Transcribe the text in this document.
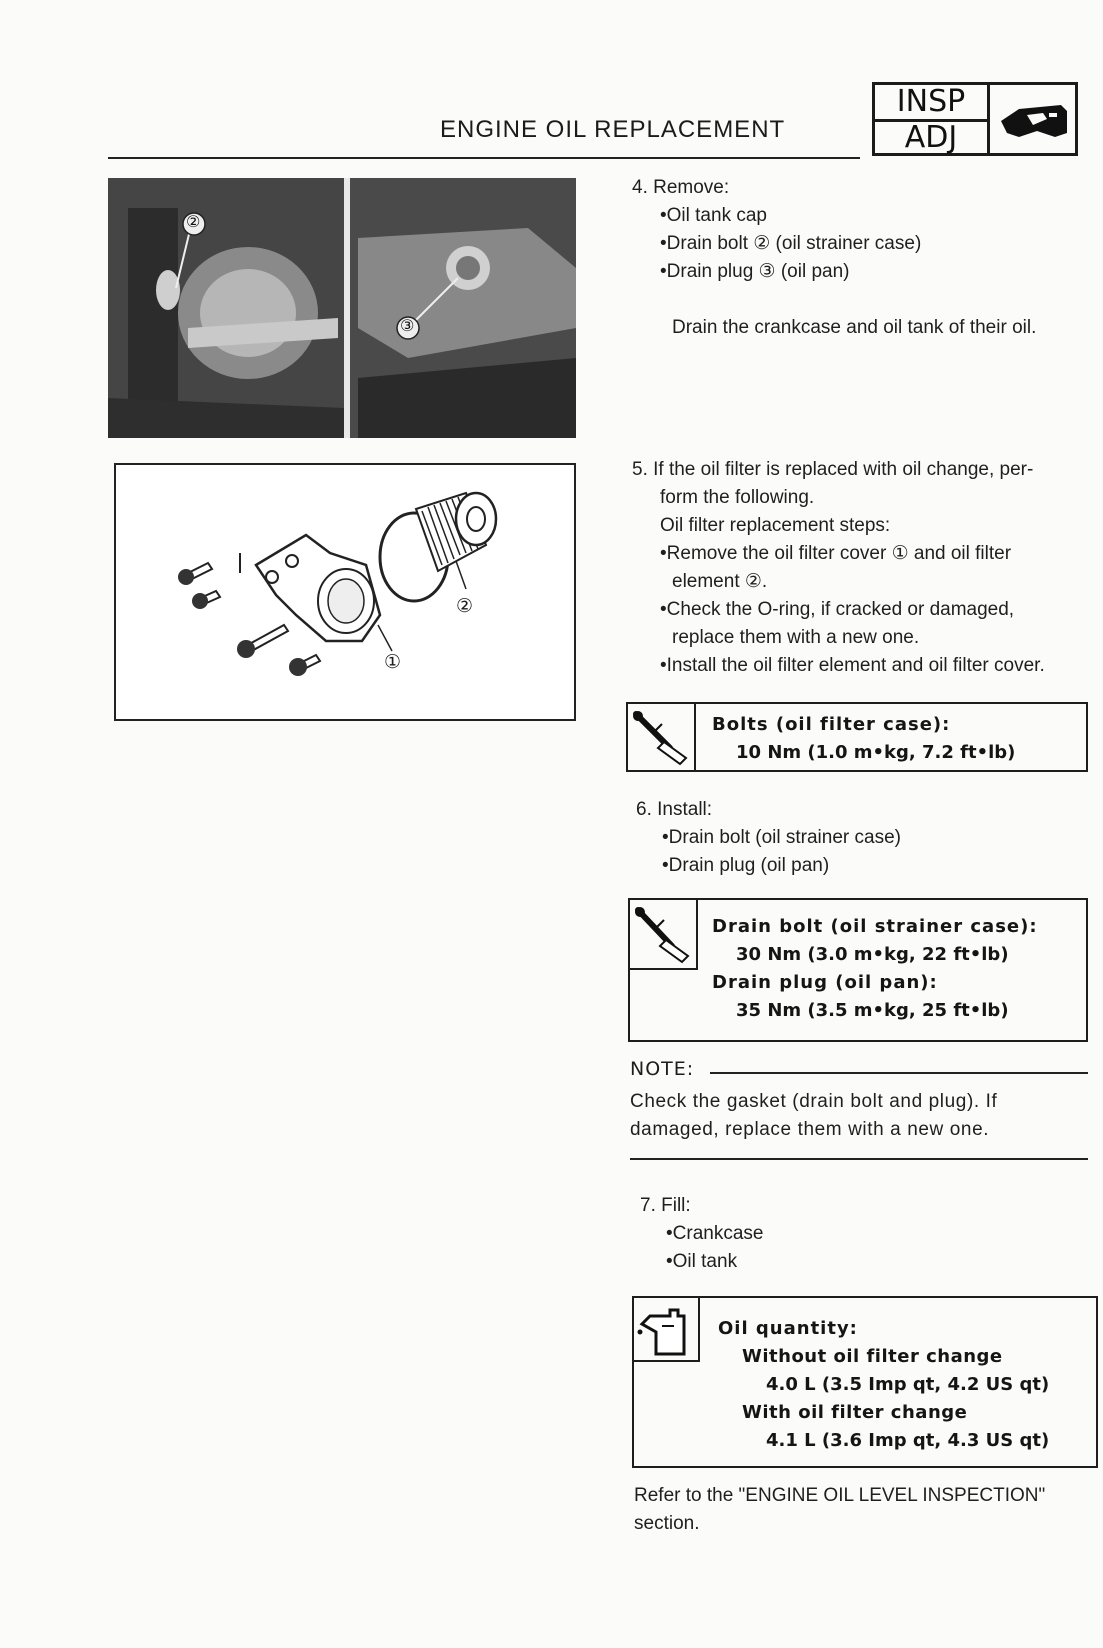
ENGINE OIL REPLACEMENT
INSP
ADJ
②
③
①
②
4. Remove:
•Oil tank cap
•Drain bolt ② (oil strainer case)
•Drain plug ③ (oil pan)
Drain the crankcase and oil tank of their oil.
5. If the oil filter is replaced with oil change, per-
form the following.
Oil filter replacement steps:
•Remove the oil filter cover ① and oil filter
element ②.
•Check the O-ring, if cracked or damaged,
replace them with a new one.
•Install the oil filter element and oil filter cover.
Bolts (oil filter case):
10 Nm (1.0 m•kg, 7.2 ft•lb)
6. Install:
•Drain bolt (oil strainer case)
•Drain plug (oil pan)
Drain bolt (oil strainer case):
30 Nm (3.0 m•kg, 22 ft•lb)
Drain plug (oil pan):
35 Nm (3.5 m•kg, 25 ft•lb)
NOTE:
Check the gasket (drain bolt and plug). If
damaged, replace them with a new one.
7. Fill:
•Crankcase
•Oil tank
Oil quantity:
Without oil filter change
4.0 L (3.5 Imp qt, 4.2 US qt)
With oil filter change
4.1 L (3.6 Imp qt, 4.3 US qt)
Refer to the "ENGINE OIL LEVEL INSPECTION"
section.
